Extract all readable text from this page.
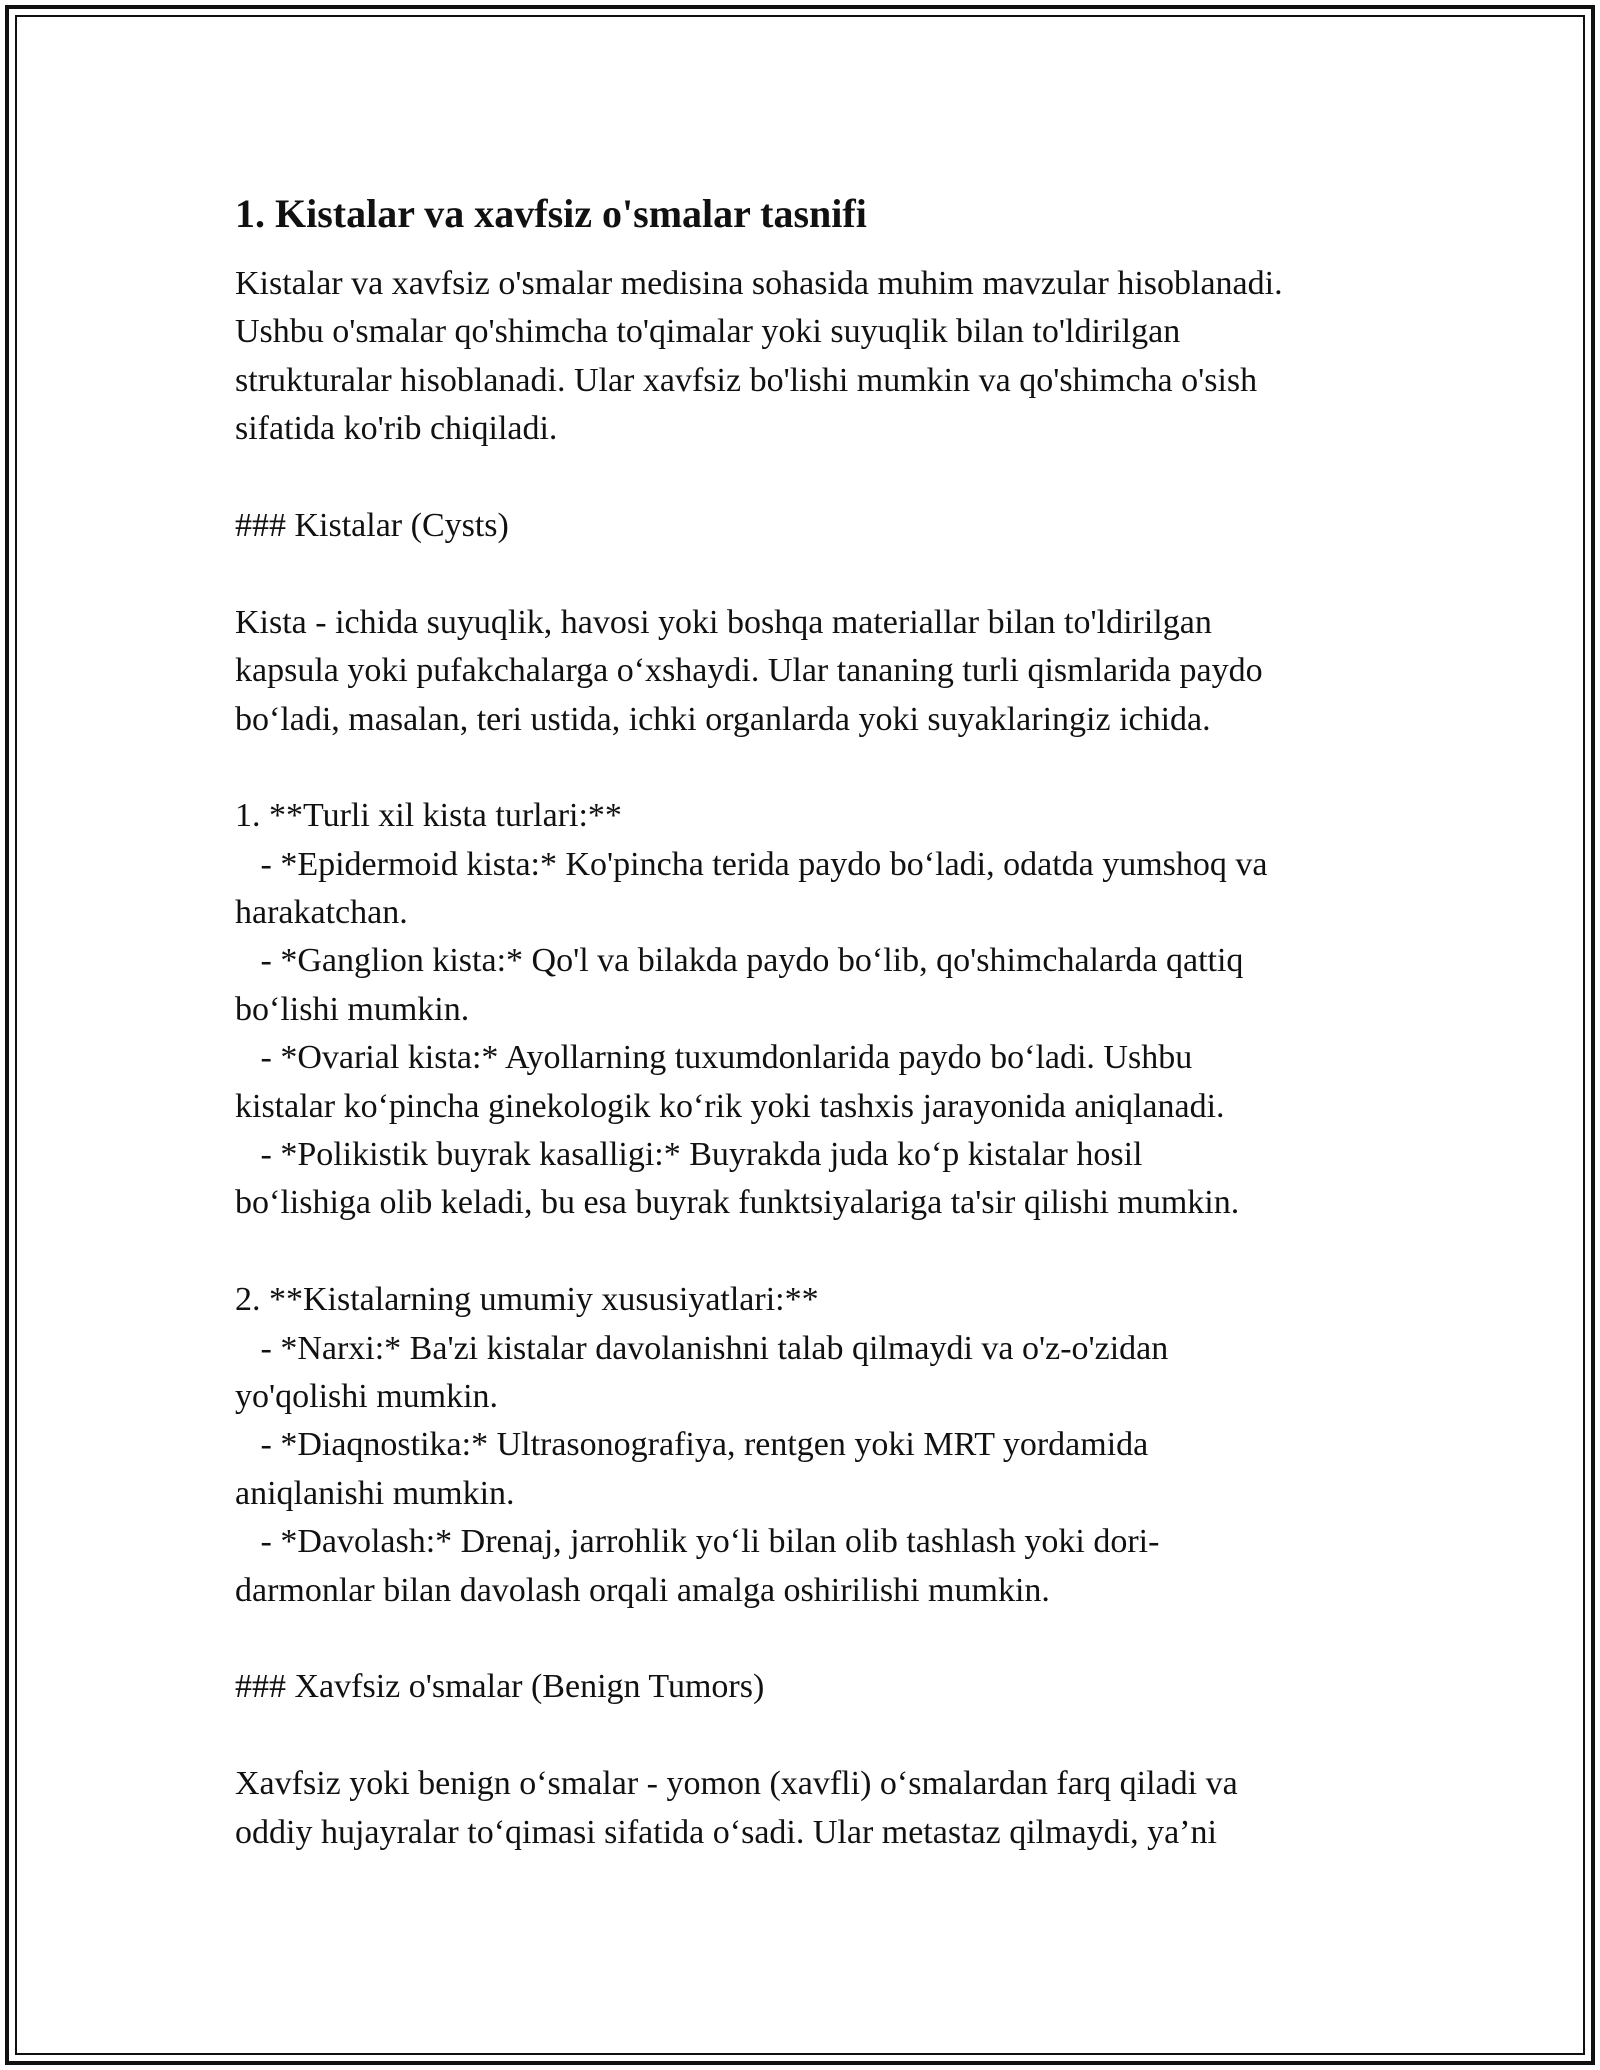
1. Kistalar va xavfsiz o'smalar tasnifi
Kistalar va xavfsiz o'smalar medisina sohasida muhim mavzular hisoblanadi.
Ushbu o'smalar qo'shimcha to'qimalar yoki suyuqlik bilan to'ldirilgan
strukturalar hisoblanadi. Ular xavfsiz bo'lishi mumkin va qo'shimcha o'sish
sifatida ko'rib chiqiladi.
### Kistalar (Cysts)
Kista - ichida suyuqlik, havosi yoki boshqa materiallar bilan to'ldirilgan
kapsula yoki pufakchalarga o‘xshaydi. Ular tananing turli qismlarida paydo
bo‘ladi, masalan, teri ustida, ichki organlarda yoki suyaklaringiz ichida.
1. **Turli xil kista turlari:**
- *Epidermoid kista:* Ko'pincha terida paydo bo‘ladi, odatda yumshoq va
harakatchan.
- *Ganglion kista:* Qo'l va bilakda paydo bo‘lib, qo'shimchalarda qattiq
bo‘lishi mumkin.
- *Ovarial kista:* Ayollarning tuxumdonlarida paydo bo‘ladi. Ushbu
kistalar ko‘pincha ginekologik ko‘rik yoki tashxis jarayonida aniqlanadi.
- *Polikistik buyrak kasalligi:* Buyrakda juda ko‘p kistalar hosil
bo‘lishiga olib keladi, bu esa buyrak funktsiyalariga ta'sir qilishi mumkin.
2. **Kistalarning umumiy xususiyatlari:**
- *Narxi:* Ba'zi kistalar davolanishni talab qilmaydi va o'z-o'zidan
yo'qolishi mumkin.
- *Diaqnostika:* Ultrasonografiya, rentgen yoki MRT yordamida
aniqlanishi mumkin.
- *Davolash:* Drenaj, jarrohlik yo‘li bilan olib tashlash yoki dori-
darmonlar bilan davolash orqali amalga oshirilishi mumkin.
### Xavfsiz o'smalar (Benign Tumors)
Xavfsiz yoki benign o‘smalar - yomon (xavfli) o‘smalardan farq qiladi va
oddiy hujayralar to‘qimasi sifatida o‘sadi. Ular metastaz qilmaydi, ya’ni
